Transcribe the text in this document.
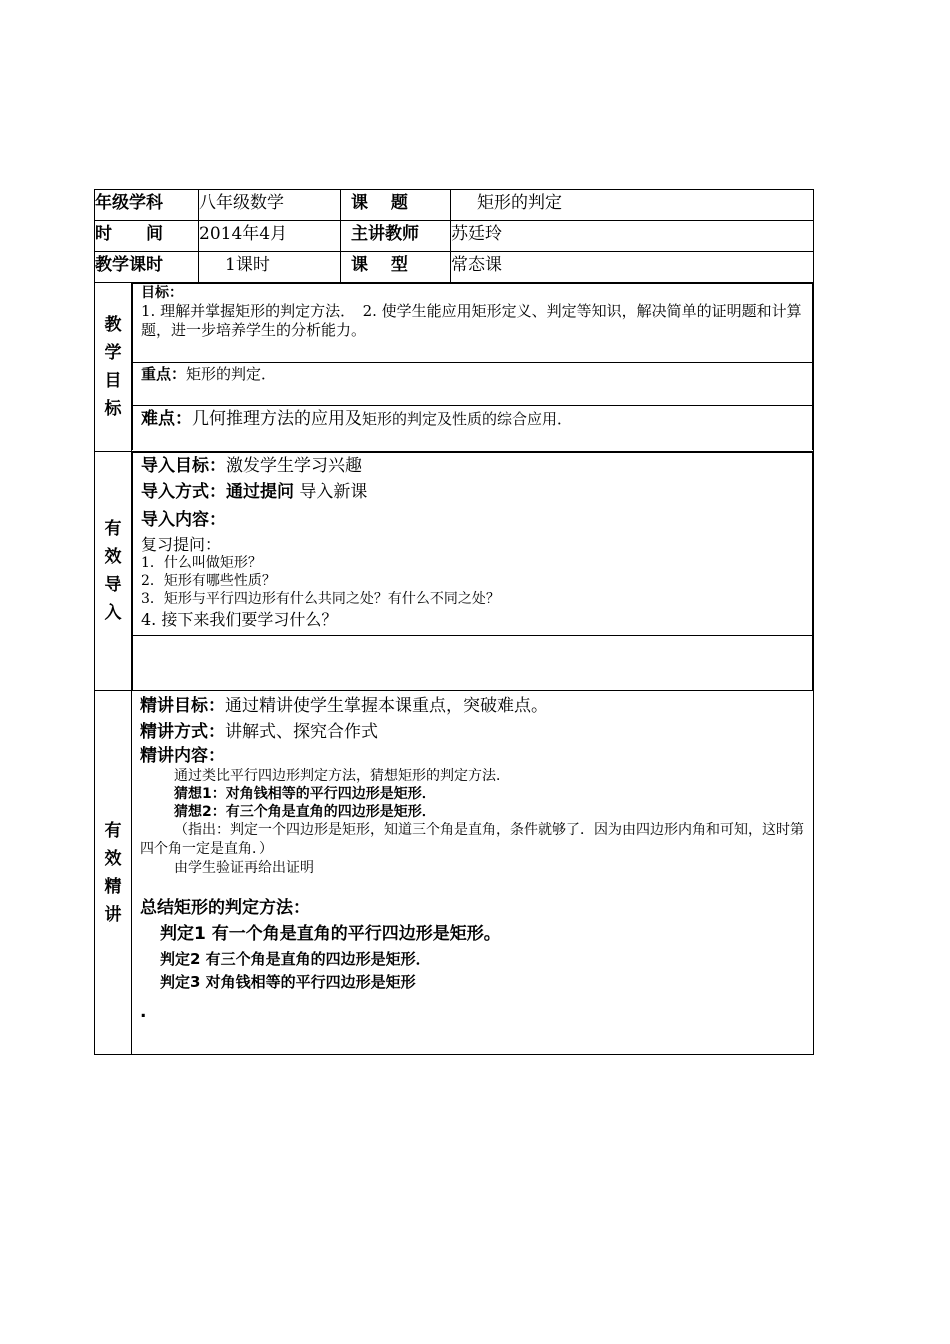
年级学科	八年级数学	课　 题	矩形的判定
时　　间	2014年4月	主讲教师	苏廷玲
教学课时	1课时	课　 型	常态课

教
学
目
标

目标：

1. 理解并掌握矩形的判定方法．　2. 使学生能应用矩形定义、判定等知识，解决简单的证明题和计算题，进一步培养学生的分析能力。

重点：矩形的判定．

难点：几何推理方法的应用及矩形的判定及性质的综合应用．

有
效
导
入

导入目标：激发学生学习兴趣

导入方式：通过提问 导入新课

导入内容：

复习提问：

1．什么叫做矩形？

2．矩形有哪些性质？

3．矩形与平行四边形有什么共同之处？有什么不同之处？

4. 接下来我们要学习什么？

有
效
精
讲

精讲目标：通过精讲使学生掌握本课重点，突破难点。

精讲方式：讲解式、探究合作式

精讲内容：

通过类比平行四边形判定方法，猜想矩形的判定方法．

猜想1：对角钱相等的平行四边形是矩形．

猜想2：有三个角是直角的四边形是矩形．

（指出：判定一个四边形是矩形，知道三个角是直角，条件就够了．因为由四边形内角和可知，这时第四个角一定是直角．）

由学生验证再给出证明

总结矩形的判定方法：

判定1 有一个角是直角的平行四边形是矩形。

判定2 有三个角是直角的四边形是矩形．

判定3 对角钱相等的平行四边形是矩形

.
